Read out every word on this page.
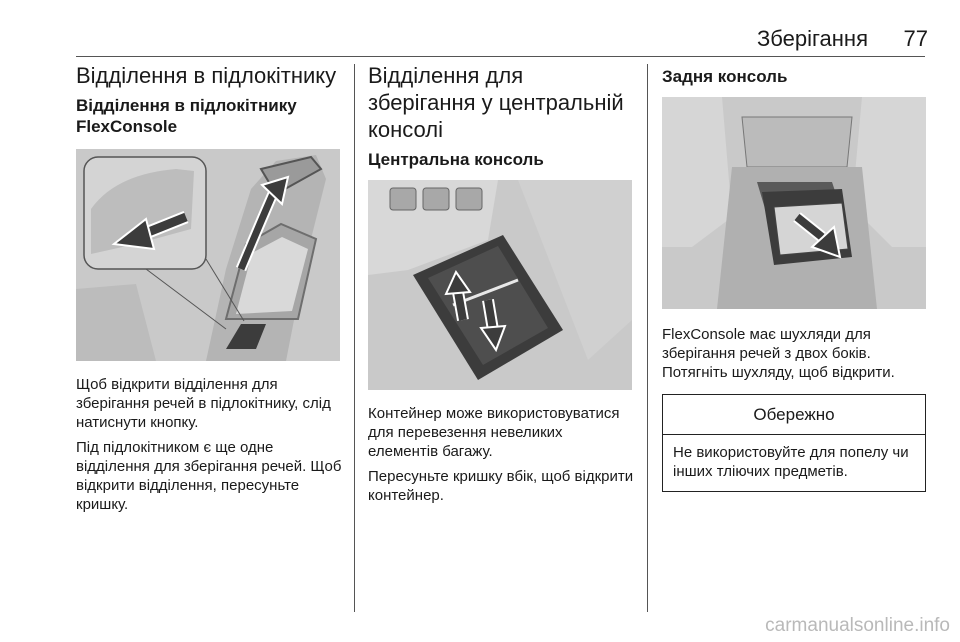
Зберігання	77
Відділення в підлокітнику
Відділення в підлокітнику FlexConsole

Щоб відкрити відділення для зберігання речей в підлокітнику, слід натиснути кнопку.

Під підлокітником є ще одне відділення для зберігання речей. Щоб відкрити відділення, пересуньте кришку.

Відділення для зберігання у центральній консолі
Центральна консоль

Контейнер може використовуватися для перевезення невеликих елементів багажу.

Пересуньте кришку вбік, щоб відкрити контейнер.

Задня консоль

FlexConsole має шухляди для зберігання речей з двох боків. Потягніть шухляду, щоб відкрити.

Обережно
Не використовуйте для попелу чи інших тліючих предметів.
carmanualsonline.info
